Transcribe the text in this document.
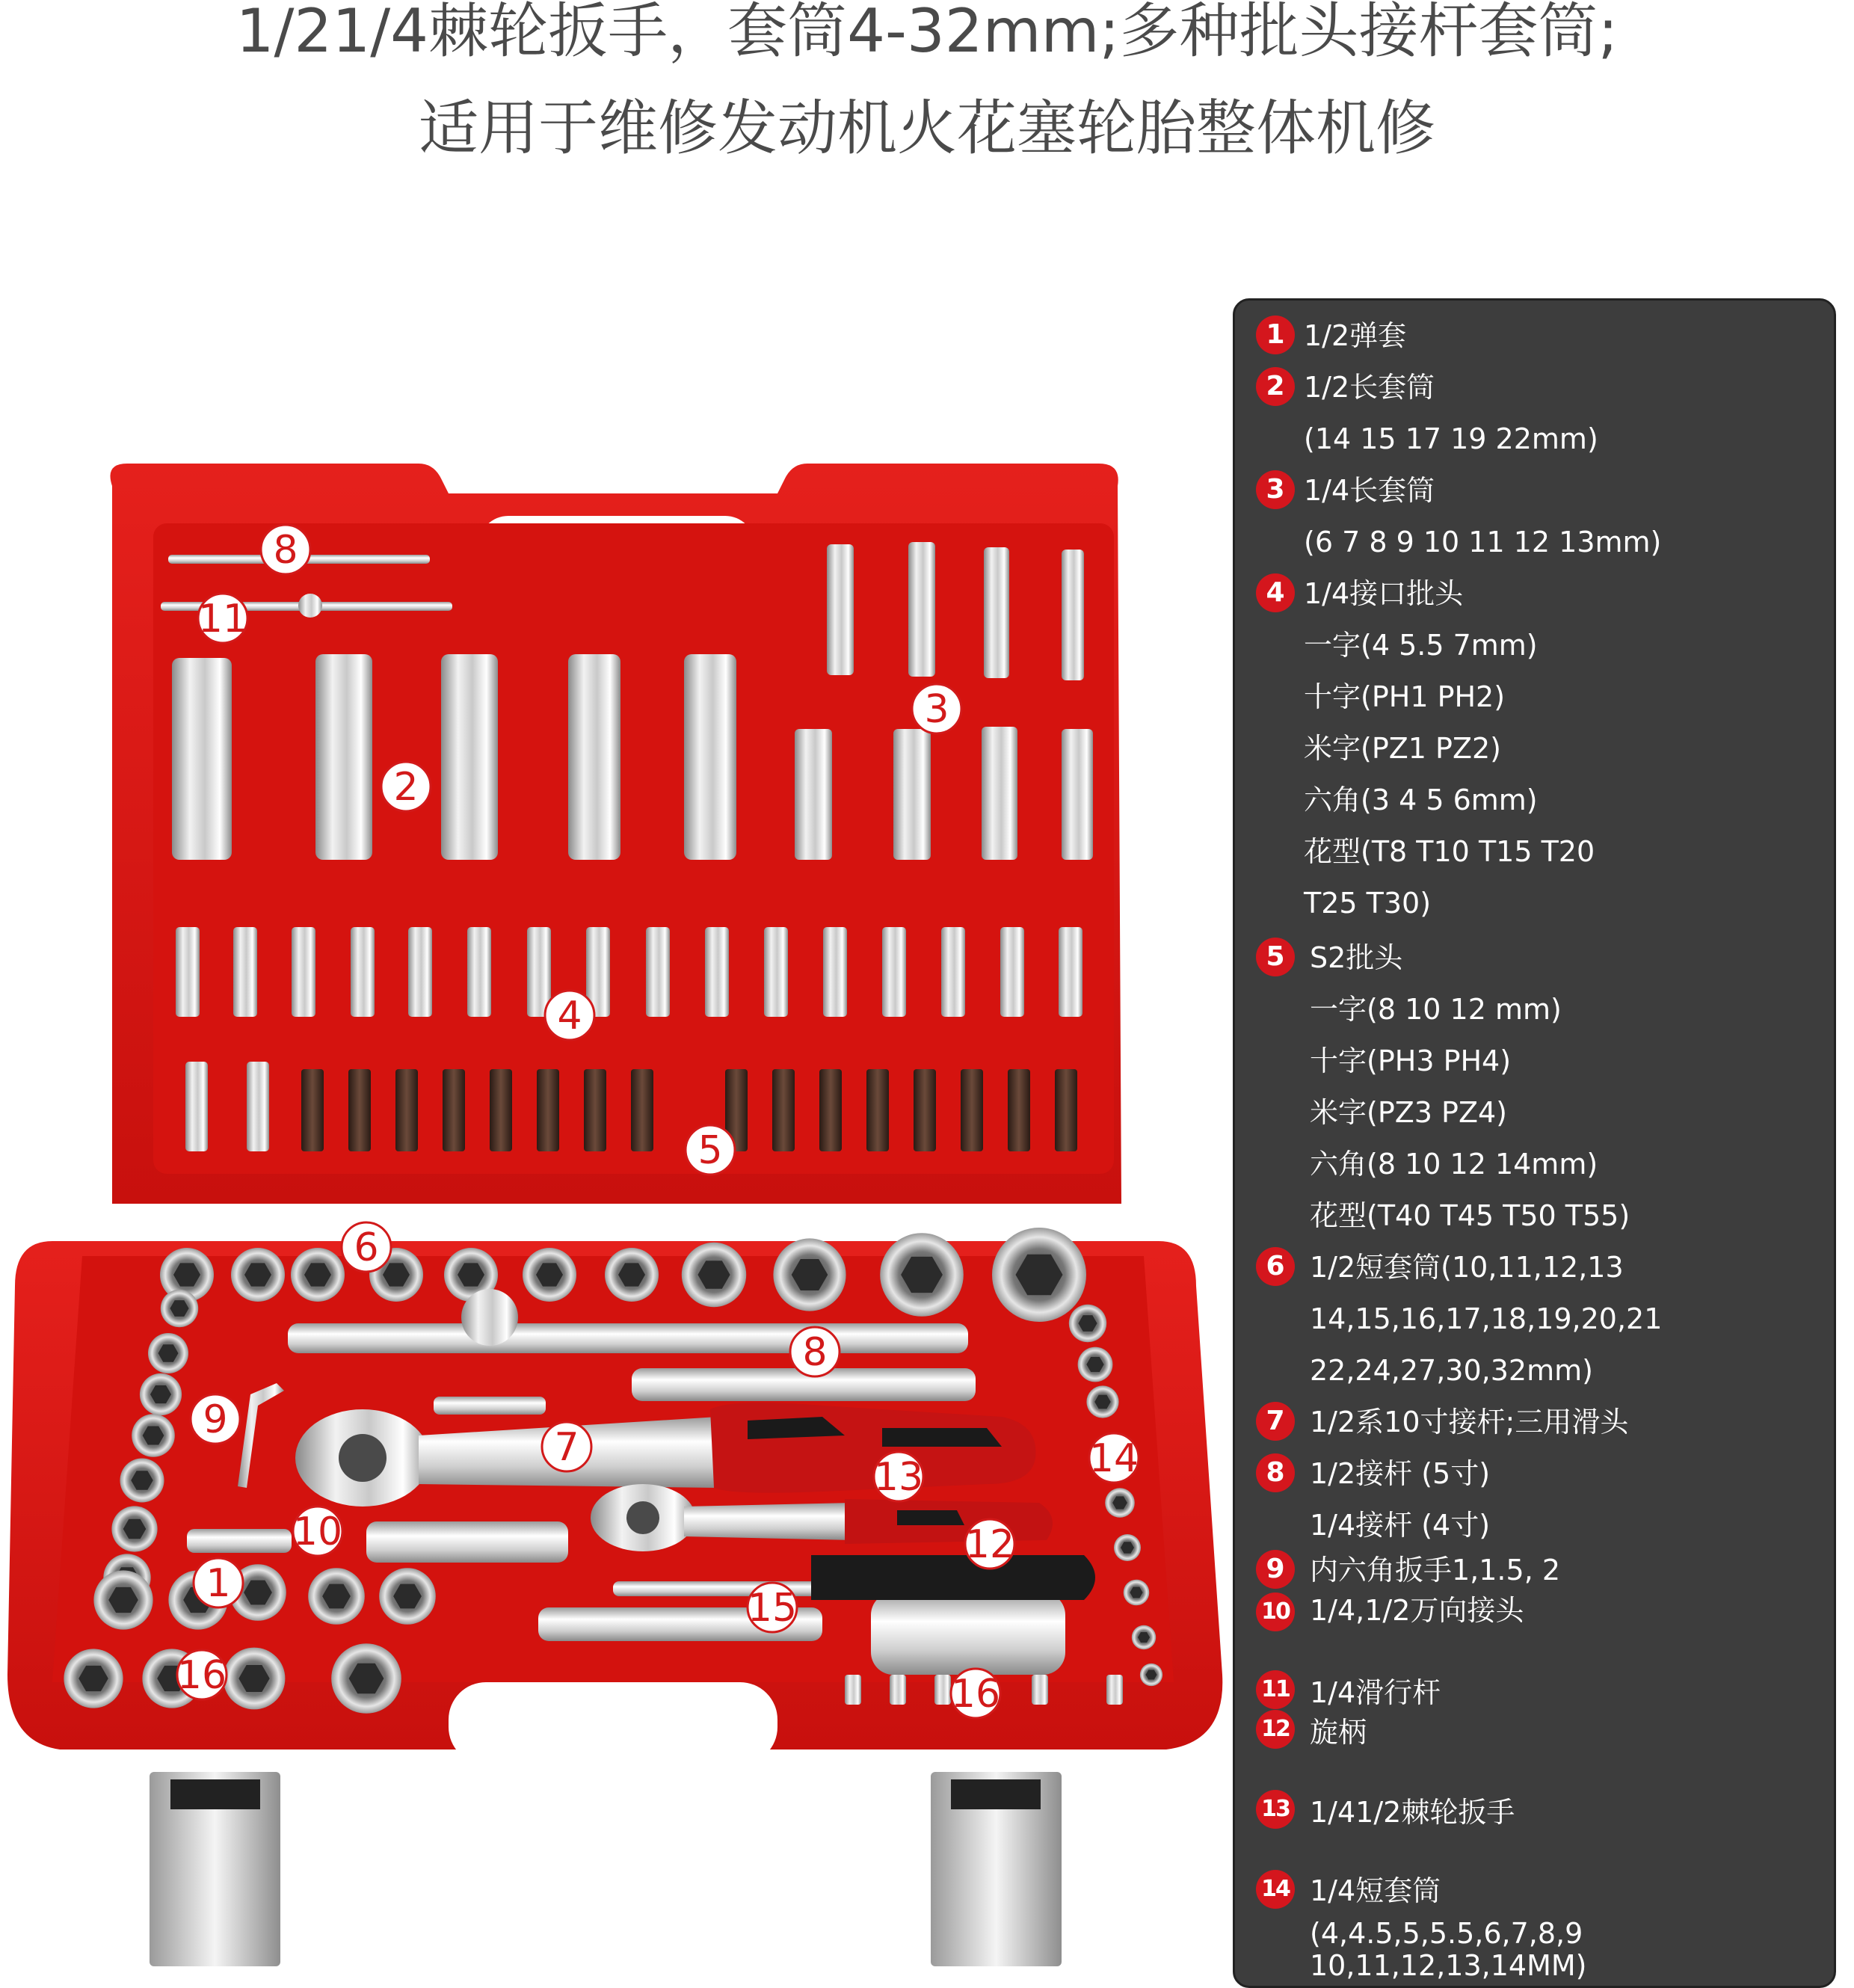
1/21/4棘轮扳手，套筒4-32mm;多种批头接杆套筒;
适用于维修发动机火花塞轮胎整体机修
8
11
2
3
4
5
6
8
9
7	14
13
10	12
1
15
16	16
1 1/2弹套
2 1/2长套筒
(14 15 17 19 22mm)
3 1/4长套筒
(6 7 8 9 10 11 12 13mm)
4 1/4接口批头
一字(4 5.5 7mm)
十字(PH1 PH2)
米字(PZ1 PZ2)
六角(3 4 5 6mm)
花型(T8 T10 T15 T20
T25 T30)
5 S2批头
一字(8 10 12 mm)
十字(PH3 PH4)
米字(PZ3 PZ4)
六角(8 10 12 14mm)
花型(T40 T45 T50 T55)
6 1/2短套筒(10,11,12,13
14,15,16,17,18,19,20,21
22,24,27,30,32mm)
7 1/2系10寸接杆;三用滑头
8 1/2接杆 (5寸)
1/4接杆 (4寸)
9 内六角扳手1,1.5, 2
10 1/4,1/2万向接头
11 1/4滑行杆
12 旋柄
13 1/41/2棘轮扳手
14 1/4短套筒
(4,4.5,5,5.5,6,7,8,9
10,11,12,13,14MM)
